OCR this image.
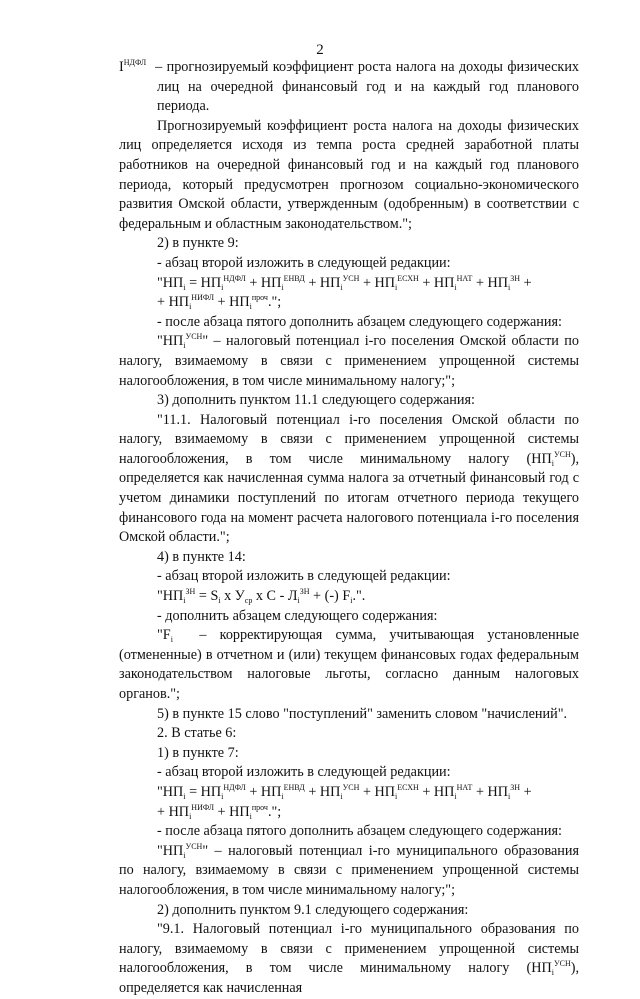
2

$I^{НДФЛ}$ – прогнозируемый коэффициент роста налога на доходы физических лиц на очередной финансовый год и на каждый год планового периода.

Прогнозируемый коэффициент роста налога на доходы физических лиц определяется исходя из темпа роста средней заработной платы работников на очередной финансовый год и на каждый год планового периода, который предусмотрен прогнозом социально-экономического развития Омской области, утвержденным (одобренным) в соответствии с федеральным и областным законодательством.";

2) в пункте 9:

- абзац второй изложить в следующей редакции:

"$НП_i = НП_i^{НДФЛ} + НП_i^{ЕНВД} + НП_i^{УСН} + НП_i^{ЕСХН} + НП_i^{НАТ} + НП_i^{ЗН}$ +

+ $НП_i^{НИФЛ} + НП_i^{проч}$.";

- после абзаца пятого дополнить абзацем следующего содержания:

"$НП_i^{УСН}$" – налоговый потенциал i-го поселения Омской области по налогу, взимаемому в связи с применением упрощенной системы налогообложения, в том числе минимальному налогу;";

3) дополнить пунктом 11.1 следующего содержания:

"11.1. Налоговый потенциал i-го поселения Омской области по налогу, взимаемому в связи с применением упрощенной системы налогообложения, в том числе минимальному налогу $(НП_i^{УСН})$, определяется как начисленная сумма налога за отчетный финансовый год с учетом динамики поступлений по итогам отчетного периода текущего финансового года на момент расчета налогового потенциала i-го поселения Омской области.";

4) в пункте 14:

- абзац второй изложить в следующей редакции:

"$НП_i^{ЗН} = S_i$ x $У_{ср}$ x C - $Л_i^{ЗН}$ + (-) $F_i$.".

- дополнить абзацем следующего содержания:

"$F_i$ – корректирующая сумма, учитывающая установленные (отмененные) в отчетном и (или) текущем финансовых годах федеральным законодательством налоговые льготы, согласно данным налоговых органов.";

5) в пункте 15 слово "поступлений" заменить словом "начислений".

2. В статье 6:

1) в пункте 7:

- абзац второй изложить в следующей редакции:

"$НП_i = НП_i^{НДФЛ} + НП_i^{ЕНВД} + НП_i^{УСН} + НП_i^{ЕСХН} + НП_i^{НАТ} + НП_i^{ЗН}$ +

+ $НП_i^{НИФЛ} + НП_i^{проч}$.";

- после абзаца пятого дополнить абзацем следующего содержания:

"$НП_i^{УСН}$" – налоговый потенциал i-го муниципального образования по налогу, взимаемому в связи с применением упрощенной системы налогообложения, в том числе минимальному налогу;";

2) дополнить пунктом 9.1 следующего содержания:

"9.1. Налоговый потенциал i-го муниципального образования по налогу, взимаемому в связи с применением упрощенной системы налогообложения, в том числе минимальному налогу $(НП_i^{УСН})$, определяется как начисленная
